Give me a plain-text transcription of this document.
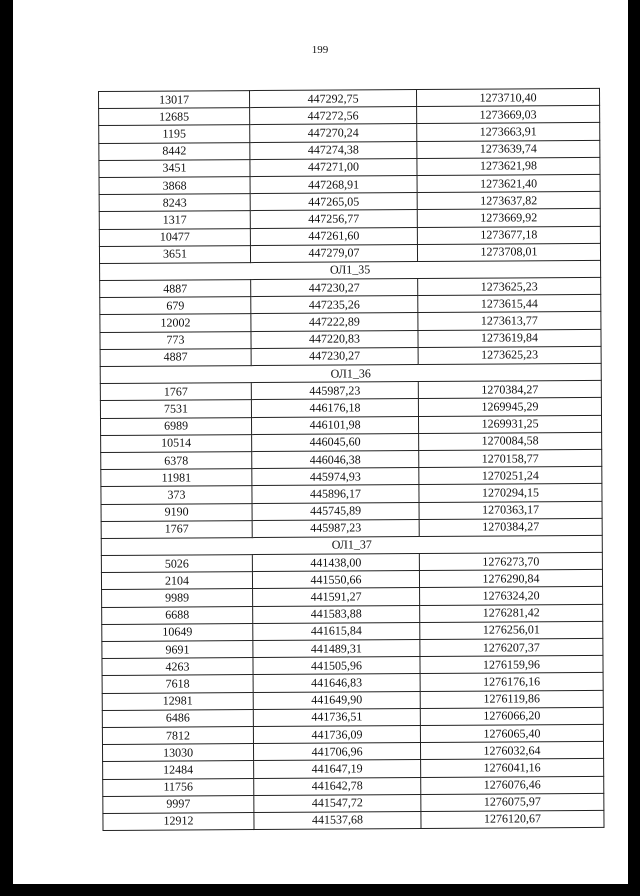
199
13017	447292,75	1273710,40
12685	447272,56	1273669,03
1195	447270,24	1273663,91
8442	447274,38	1273639,74
3451	447271,00	1273621,98
3868	447268,91	1273621,40
8243	447265,05	1273637,82
1317	447256,77	1273669,92
10477	447261,60	1273677,18
3651	447279,07	1273708,01
ОЛ1_35		
4887	447230,27	1273625,23
679	447235,26	1273615,44
12002	447222,89	1273613,77
773	447220,83	1273619,84
4887	447230,27	1273625,23
ОЛ1_36		
1767	445987,23	1270384,27
7531	446176,18	1269945,29
6989	446101,98	1269931,25
10514	446045,60	1270084,58
6378	446046,38	1270158,77
11981	445974,93	1270251,24
373	445896,17	1270294,15
9190	445745,89	1270363,17
1767	445987,23	1270384,27
ОЛ1_37		
5026	441438,00	1276273,70
2104	441550,66	1276290,84
9989	441591,27	1276324,20
6688	441583,88	1276281,42
10649	441615,84	1276256,01
9691	441489,31	1276207,37
4263	441505,96	1276159,96
7618	441646,83	1276176,16
12981	441649,90	1276119,86
6486	441736,51	1276066,20
7812	441736,09	1276065,40
13030	441706,96	1276032,64
12484	441647,19	1276041,16
11756	441642,78	1276076,46
9997	441547,72	1276075,97
12912	441537,68	1276120,67
